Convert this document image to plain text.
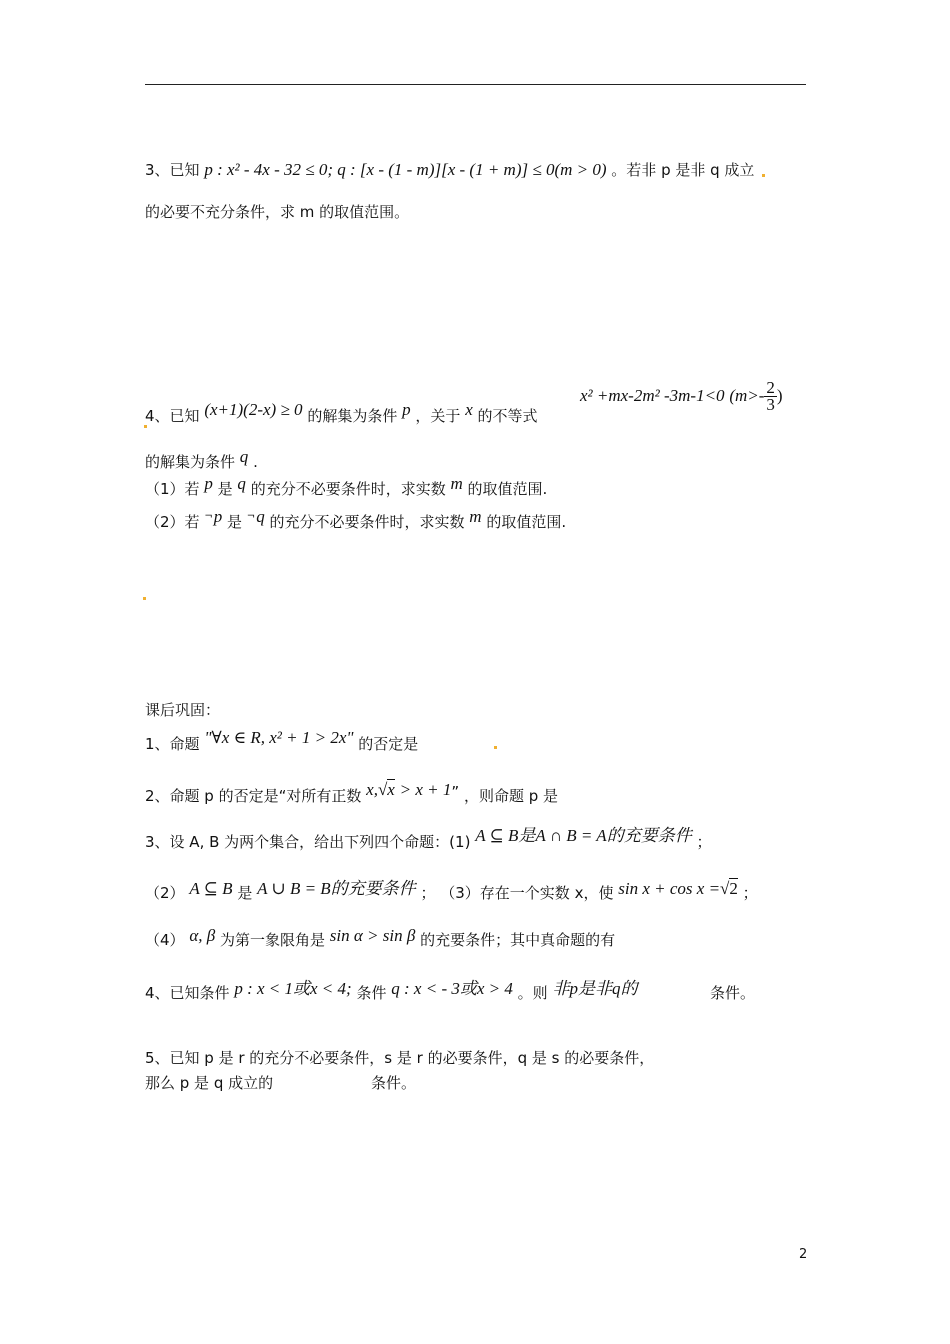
3、已知 p : x² - 4x - 32 ≤ 0; q : [x - (1 - m)][x - (1 + m)] ≤ 0(m > 0) 。若非 p 是非 q 成立
的必要不充分条件，求 m 的取值范围。
4、已知 (x+1)(2-x) ≥ 0 的解集为条件 p ，关于 x 的不等式
x² +mx-2m² -3m-1<0 ($m>- \frac{2}{3}$ )
的解集为条件 q .
（1）若 p 是 q 的充分不必要条件时，求实数 m 的取值范围.
（2）若 ¬p 是 ¬q 的充分不必要条件时，求实数 m 的取值范围.
课后巩固：
1、命题 "∀x ∈ R, x² + 1 > 2x" 的否定是
2、命题 p 的否定是“对所有正数 x,√x > x + 1” ，则命题 p 是
3、设 A, B 为两个集合，给出下列四个命题：(1) A ⊆ B是A ∩ B = A的充要条件 ；
（2） A ⊆ B 是 A ∪ B = B的充要条件 ； （3）存在一个实数 x，使 sin x + cos x =√2 ；
（4） α, β 为第一象限角是 sin α > sin β 的充要条件；其中真命题的有
4、已知条件 p : x < 1或x < 4; 条件 q : x < - 3或x > 4 。则 非p是非q的	条件。
5、已知 p 是 r 的充分不必要条件，s 是 r 的必要条件，q 是 s 的必要条件，
那么 p 是 q 成立的	条件。
2
